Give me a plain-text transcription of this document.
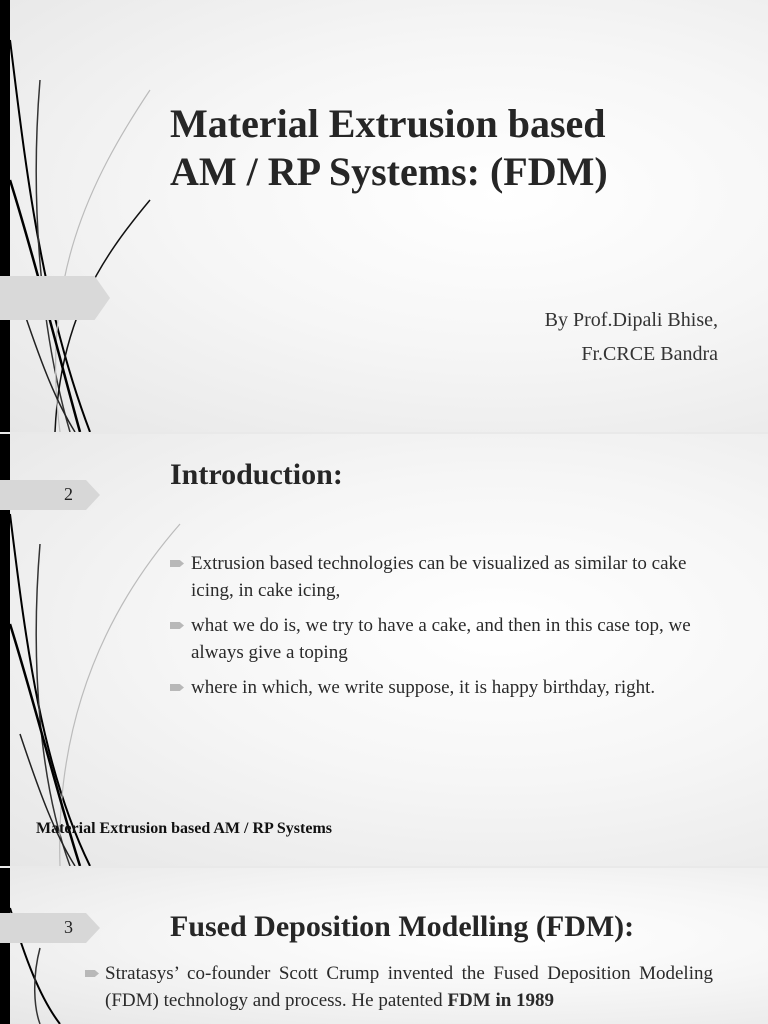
Material Extrusion based
AM / RP Systems: (FDM)
By Prof.Dipali Bhise,
Fr.CRCE Bandra
2
Introduction:
Extrusion based technologies can be visualized as similar to cake icing, in cake icing,
what we do is, we try to have a cake, and then in this case top, we always give a toping
where in which, we write suppose, it is happy birthday, right.
Material Extrusion based AM / RP Systems
3	Fused Deposition Modelling (FDM):
Stratasys’ co-founder Scott Crump invented the Fused Deposition Modeling (FDM) technology and process. He patented FDM in 1989
